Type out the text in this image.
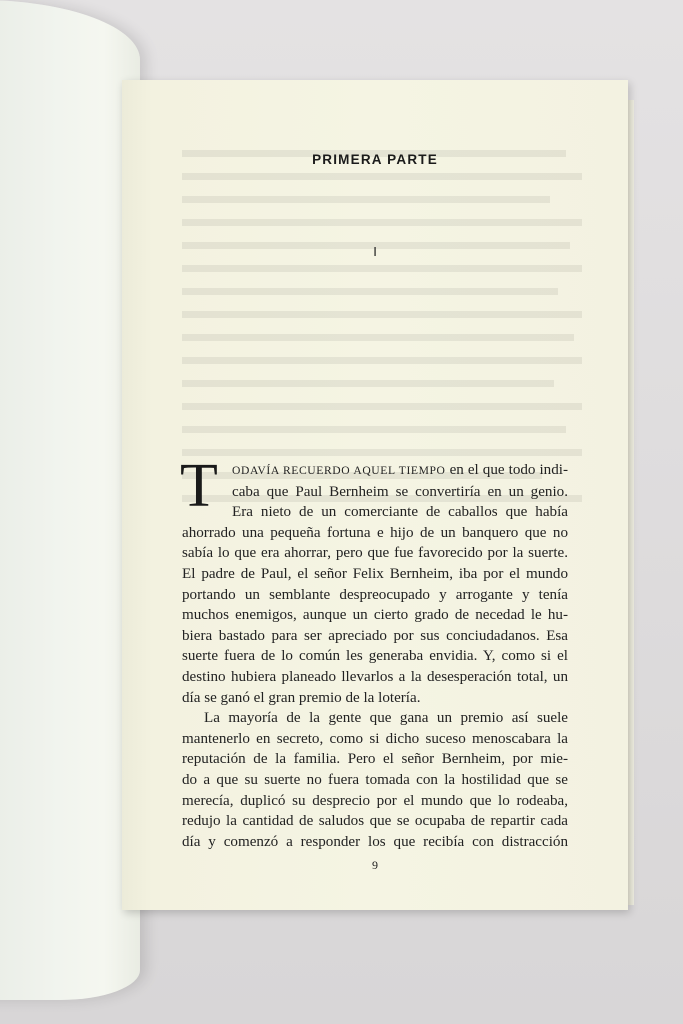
PRIMERA PARTE
I
T	ODAVÍA RECUERDO AQUEL TIEMPO en el que todo indi-
caba que Paul Bernheim se convertiría en un genio.
Era nieto de un comerciante de caballos que había
ahorrado una pequeña fortuna e hijo de un banquero que no
sabía lo que era ahorrar, pero que fue favorecido por la suerte.
El padre de Paul, el señor Felix Bernheim, iba por el mundo
portando un semblante despreocupado y arrogante y tenía
muchos enemigos, aunque un cierto grado de necedad le hu-
biera bastado para ser apreciado por sus conciudadanos. Esa
suerte fuera de lo común les generaba envidia. Y, como si el
destino hubiera planeado llevarlos a la desesperación total, un
día se ganó el gran premio de la lotería.
La mayoría de la gente que gana un premio así suele
mantenerlo en secreto, como si dicho suceso menoscabara la
reputación de la familia. Pero el señor Bernheim, por mie-
do a que su suerte no fuera tomada con la hostilidad que se
merecía, duplicó su desprecio por el mundo que lo rodeaba,
redujo la cantidad de saludos que se ocupaba de repartir cada
día y comenzó a responder los que recibía con distracción
9
